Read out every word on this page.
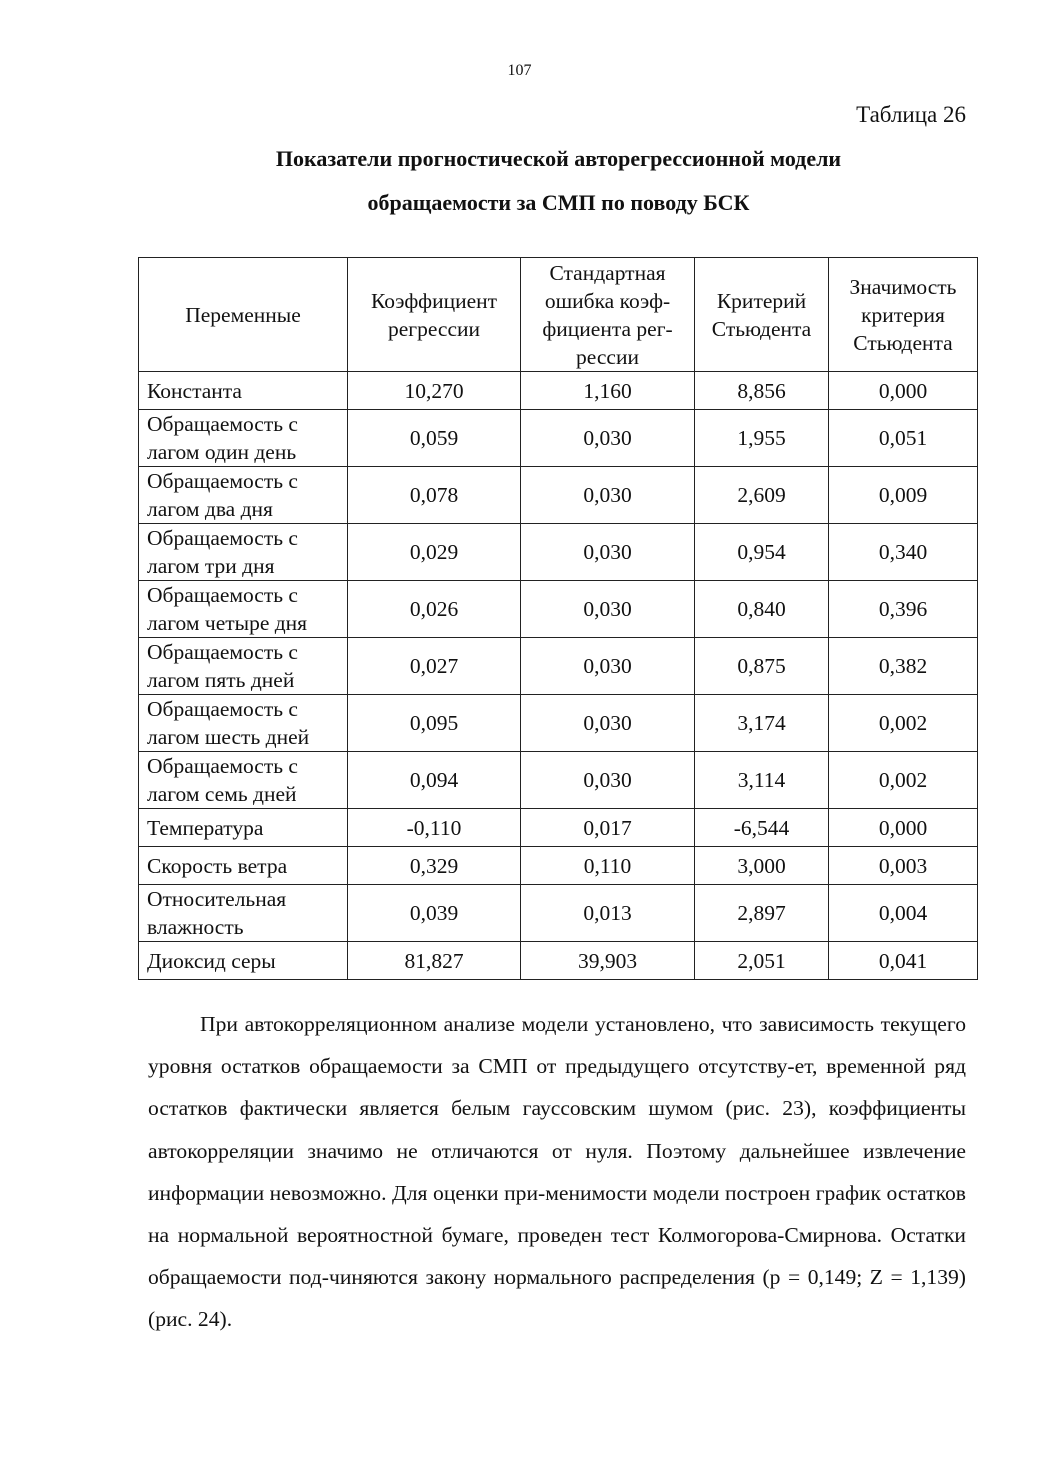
107
Таблица 26
Показатели прогностической авторегрессионной модели
обращаемости за СМП по поводу БСК
Переменные	Коэффициент регрессии	Стандартная ошибка коэф-фициента рег-рессии	Критерий Стьюдента	Значимость критерия Стьюдента
Константа	10,270	1,160	8,856	0,000
Обращаемость с лагом один день	0,059	0,030	1,955	0,051
Обращаемость с лагом два дня	0,078	0,030	2,609	0,009
Обращаемость с лагом три дня	0,029	0,030	0,954	0,340
Обращаемость с лагом четыре дня	0,026	0,030	0,840	0,396
Обращаемость с лагом пять дней	0,027	0,030	0,875	0,382
Обращаемость с лагом шесть дней	0,095	0,030	3,174	0,002
Обращаемость с лагом семь дней	0,094	0,030	3,114	0,002
Температура	-0,110	0,017	-6,544	0,000
Скорость ветра	0,329	0,110	3,000	0,003
Относительная влажность	0,039	0,013	2,897	0,004
Диоксид серы	81,827	39,903	2,051	0,041

При автокорреляционном анализе модели установлено, что зависимость текущего уровня остатков обращаемости за СМП от предыдущего отсутству-ет, временной ряд остатков фактически является белым гауссовским шумом (рис. 23), коэффициенты автокорреляции значимо не отличаются от нуля. Поэтому дальнейшее извлечение информации невозможно. Для оценки при-менимости модели построен график остатков на нормальной вероятностной бумаге, проведен тест Колмогорова-Смирнова. Остатки обращаемости под-чиняются закону нормального распределения (p = 0,149; Z = 1,139) (рис. 24).
